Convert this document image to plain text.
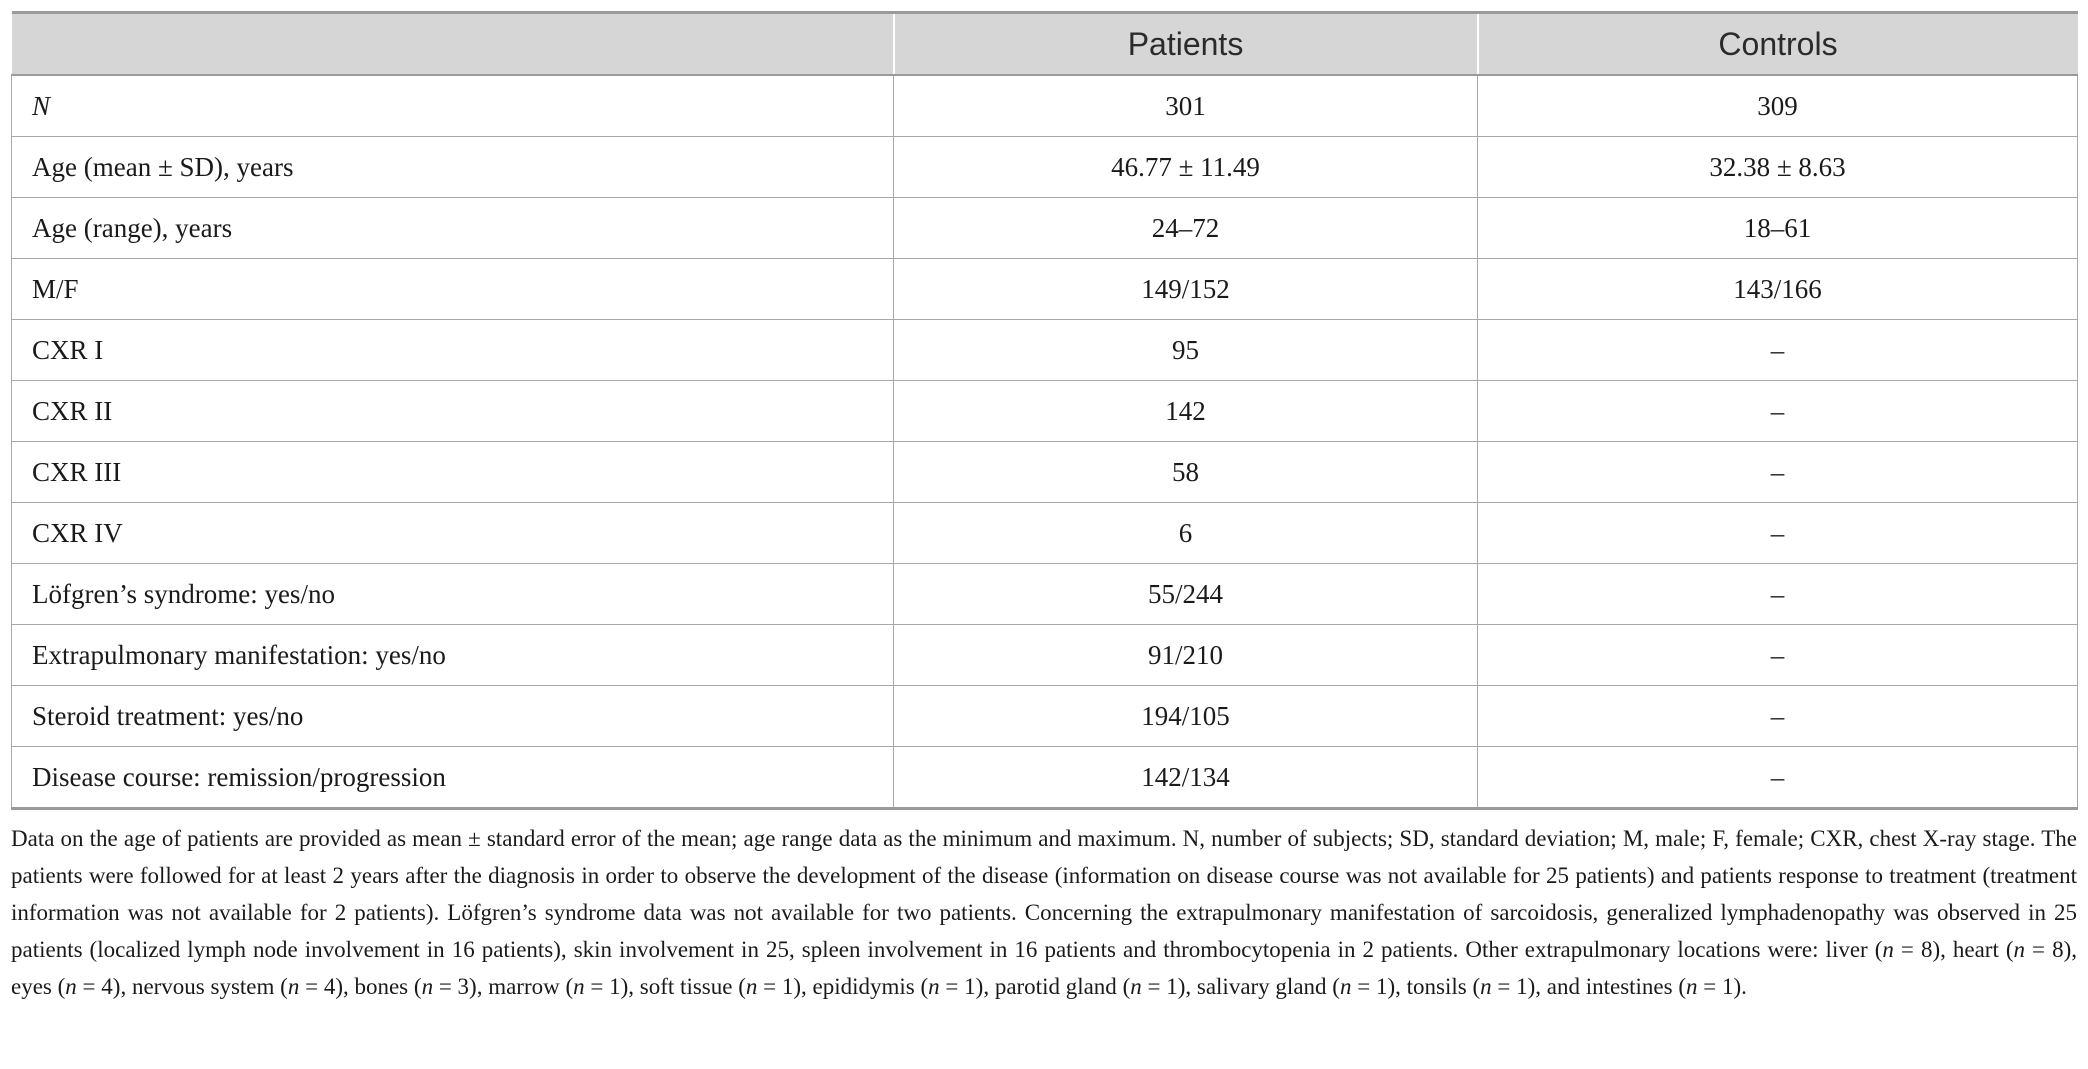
	Patients	Controls
N	301	309
Age (mean ± SD), years	46.77 ± 11.49	32.38 ± 8.63
Age (range), years	24–72	18–61
M/F	149/152	143/166
CXR I	95	–
CXR II	142	–
CXR III	58	–
CXR IV	6	–
Löfgren’s syndrome: yes/no	55/244	–
Extrapulmonary manifestation: yes/no	91/210	–
Steroid treatment: yes/no	194/105	–
Disease course: remission/progression	142/134	–
Data on the age of patients are provided as mean ± standard error of the mean; age range data as the minimum and maximum. N, number of subjects; SD, standard deviation; M, male; F, female; CXR, chest X-ray stage. The patients were followed for at least 2 years after the diagnosis in order to observe the development of the disease (information on disease course was not available for 25 patients) and patients response to treatment (treatment information was not available for 2 patients). Löfgren’s syndrome data was not available for two patients. Concerning the extrapulmonary manifestation of sarcoidosis, generalized lymphadenopathy was observed in 25 patients (localized lymph node involvement in 16 patients), skin involvement in 25, spleen involvement in 16 patients and thrombocytopenia in 2 patients. Other extrapulmonary locations were: liver (n = 8), heart (n = 8), eyes (n = 4), nervous system (n = 4), bones (n = 3), marrow (n = 1), soft tissue (n = 1), epididymis (n = 1), parotid gland (n = 1), salivary gland (n = 1), tonsils (n = 1), and intestines (n = 1).
